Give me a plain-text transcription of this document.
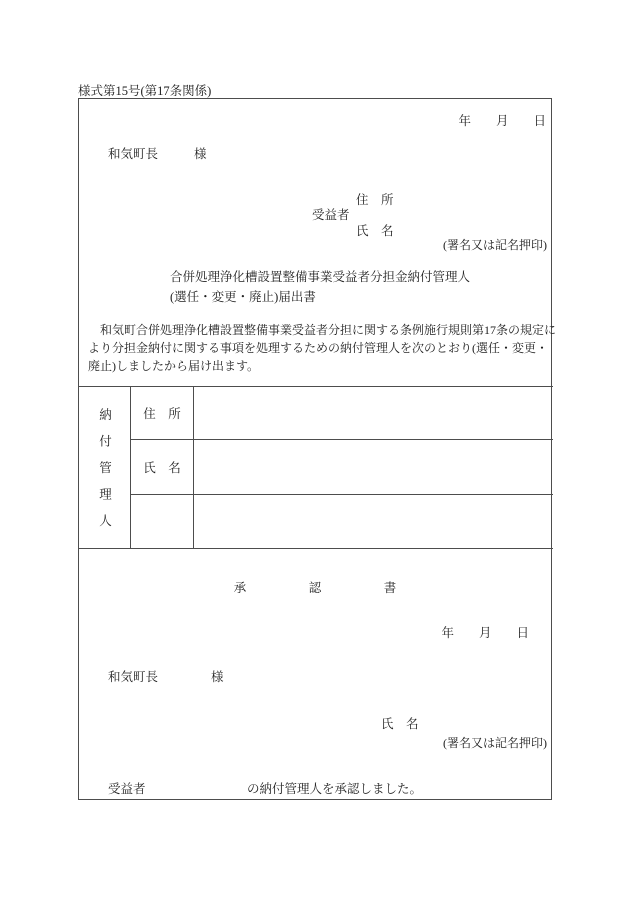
様式第15号(第17条関係)
年　　月　　日
和気町長	様
住　所
受益者
氏　名
(署名又は記名押印)
合併処理浄化槽設置整備事業受益者分担金納付管理人
(選任・変更・廃止)届出書
　和気町合併処理浄化槽設置整備事業受益者分担に関する条例施行規則第17条の規定に
より分担金納付に関する事項を処理するための納付管理人を次のとおり(選任・変更・
廃止)しましたから届け出ます。
納付管理人	住　所
氏　名
承　　　　　認　　　　　書
年　　月　　日
和気町長	様
氏　名
(署名又は記名押印)
受益者	の納付管理人を承認しました。
